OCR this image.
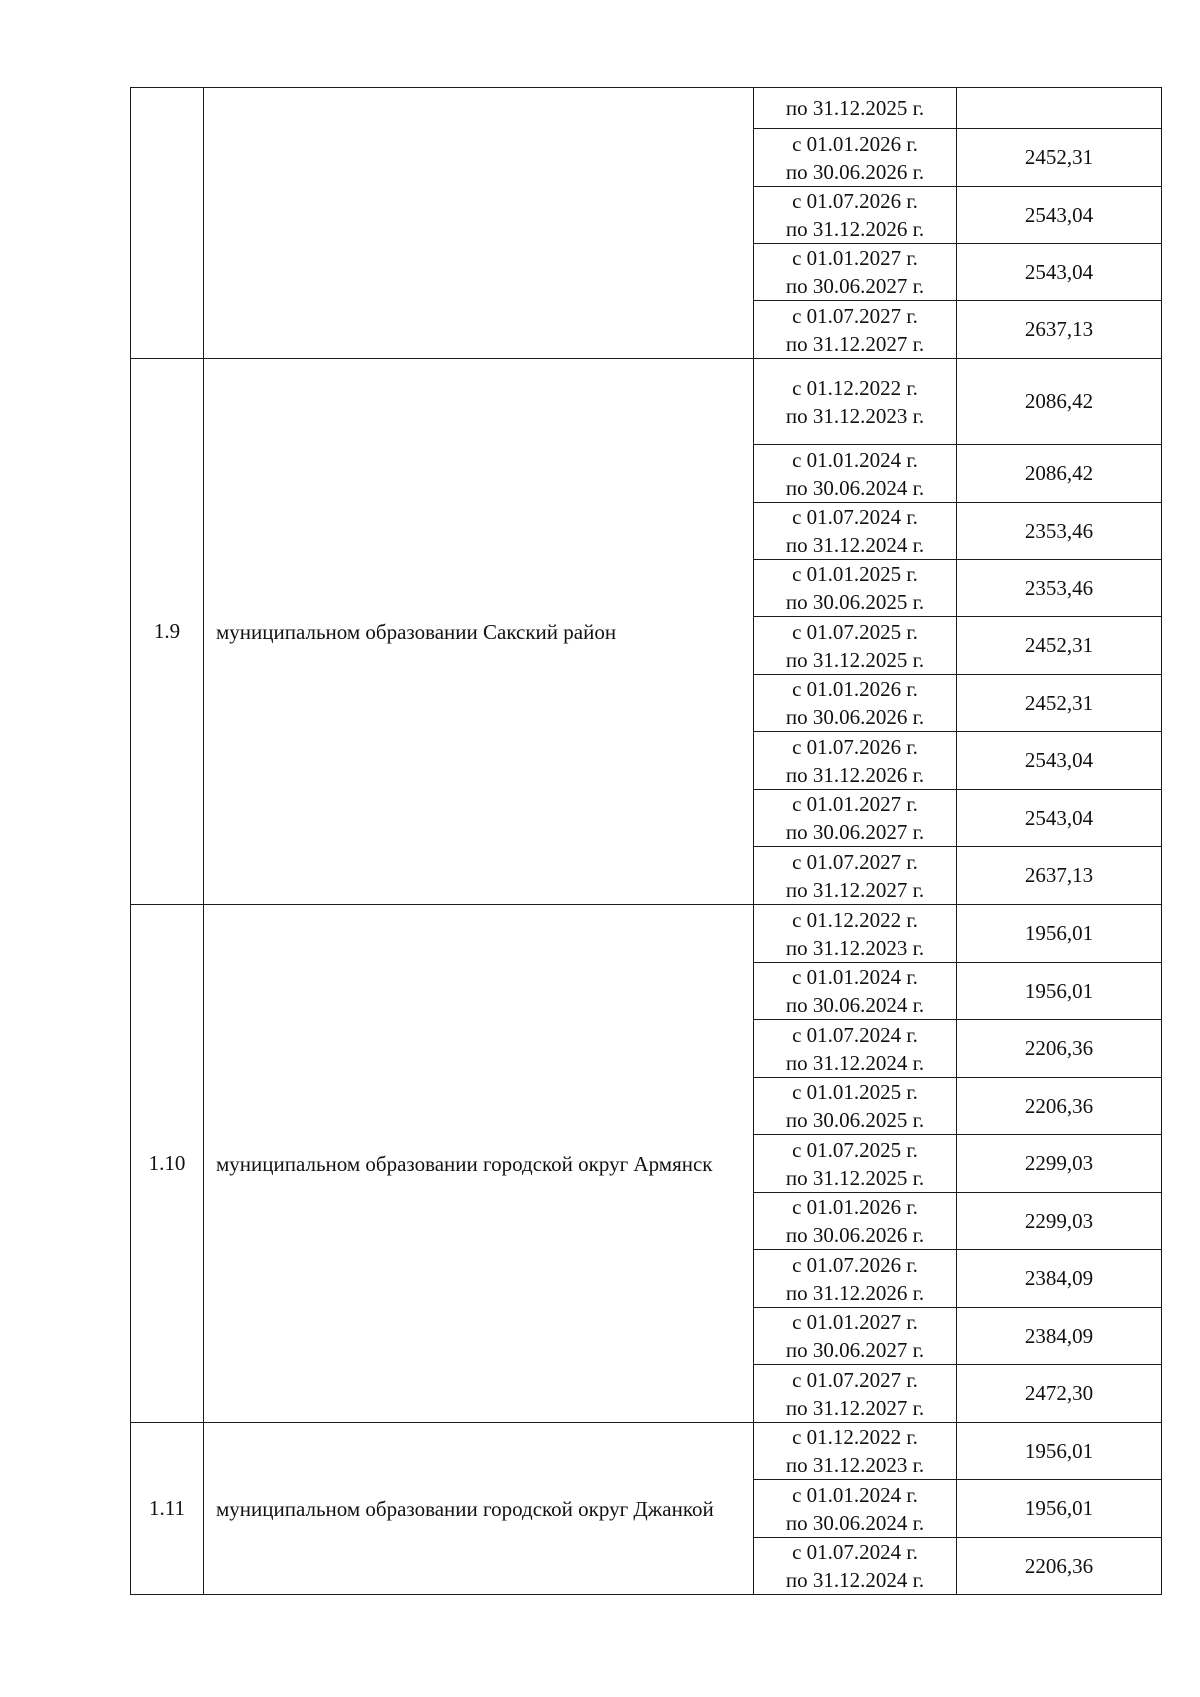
		по 31.12.2025 г.	

		с 01.01.2026 г.
по 30.06.2026 г.	2452,31

		с 01.07.2026 г.
по 31.12.2026 г.	2543,04

		с 01.01.2027 г.
по 30.06.2027 г.	2543,04

		с 01.07.2027 г.
по 31.12.2027 г.	2637,13
1.9	муниципальном образовании Сакский район	с 01.12.2022 г.
по 31.12.2023 г.	2086,42

		с 01.01.2024 г.
по 30.06.2024 г.	2086,42

		с 01.07.2024 г.
по 31.12.2024 г.	2353,46

		с 01.01.2025 г.
по 30.06.2025 г.	2353,46

		с 01.07.2025 г.
по 31.12.2025 г.	2452,31

		с 01.01.2026 г.
по 30.06.2026 г.	2452,31

		с 01.07.2026 г.
по 31.12.2026 г.	2543,04

		с 01.01.2027 г.
по 30.06.2027 г.	2543,04

		с 01.07.2027 г.
по 31.12.2027 г.	2637,13
1.10	муниципальном образовании городской округ Армянск	с 01.12.2022 г.
по 31.12.2023 г.	1956,01

		с 01.01.2024 г.
по 30.06.2024 г.	1956,01

		с 01.07.2024 г.
по 31.12.2024 г.	2206,36

		с 01.01.2025 г.
по 30.06.2025 г.	2206,36

		с 01.07.2025 г.
по 31.12.2025 г.	2299,03

		с 01.01.2026 г.
по 30.06.2026 г.	2299,03

		с 01.07.2026 г.
по 31.12.2026 г.	2384,09

		с 01.01.2027 г.
по 30.06.2027 г.	2384,09

		с 01.07.2027 г.
по 31.12.2027 г.	2472,30
1.11	муниципальном образовании городской округ Джанкой	с 01.12.2022 г.
по 31.12.2023 г.	1956,01

		с 01.01.2024 г.
по 30.06.2024 г.	1956,01

		с 01.07.2024 г.
по 31.12.2024 г.	2206,36
